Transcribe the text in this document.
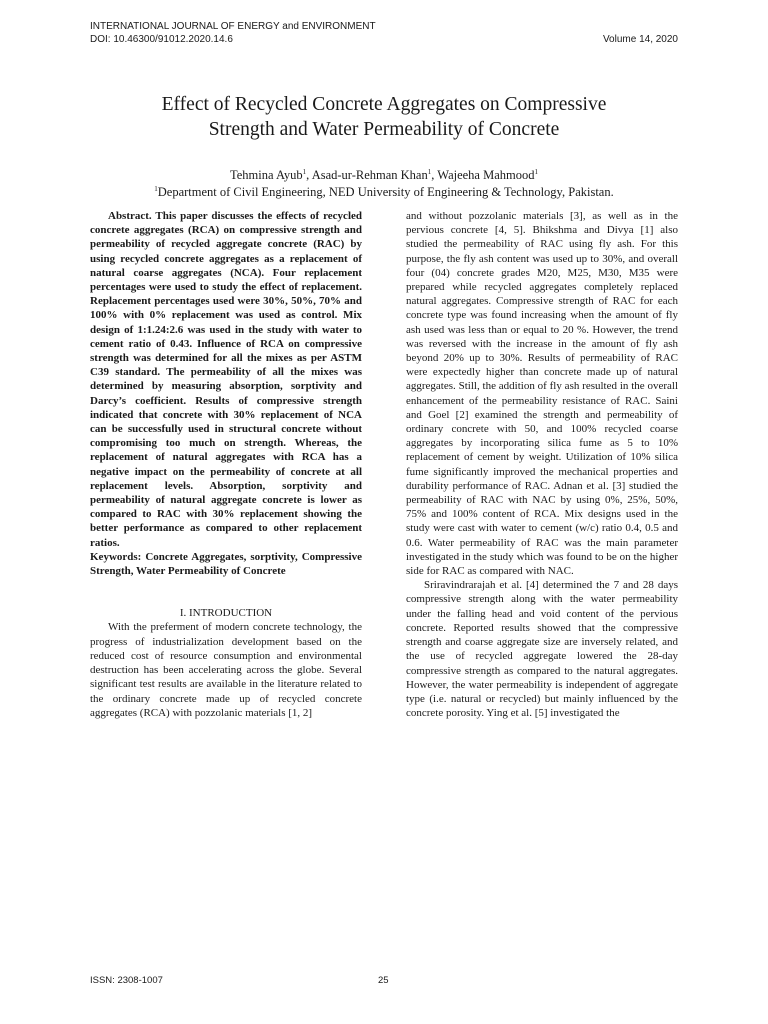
INTERNATIONAL JOURNAL OF ENERGY and ENVIRONMENT
DOI: 10.46300/91012.2020.14.6	Volume 14, 2020
Effect of Recycled Concrete Aggregates on Compressive
Strength and Water Permeability of Concrete
Tehmina Ayub$^1$, Asad-ur-Rehman Khan$^1$, Wajeeha Mahmood$^1$
$^1$Department of Civil Engineering, NED University of Engineering & Technology, Pakistan.

Abstract. This paper discusses the effects of recycled concrete aggregates (RCA) on compressive strength and permeability of recycled aggregate concrete (RAC) by using recycled concrete aggregates as a replacement of natural coarse aggregates (NCA). Four replacement percentages were used to study the effect of replacement. Replacement percentages used were 30%, 50%, 70% and 100% with 0% replacement was used as control. Mix design of 1:1.24:2.6 was used in the study with water to cement ratio of 0.43. Influence of RCA on compressive strength was determined for all the mixes as per ASTM C39 standard. The permeability of all the mixes was determined by measuring absorption, sorptivity and Darcy’s coefficient. Results of compressive strength indicated that concrete with 30% replacement of NCA can be successfully used in structural concrete without compromising too much on strength. Whereas, the replacement of natural aggregates with RCA has a negative impact on the permeability of concrete at all replacement levels. Absorption, sorptivity and permeability of natural aggregate concrete is lower as compared to RAC with 30% replacement showing the better performance as compared to other replacement ratios.

Keywords: Concrete Aggregates, sorptivity, Compressive Strength, Water Permeability of Concrete

I. INTRODUCTION

With the preferment of modern concrete technology, the progress of industrialization development based on the reduced cost of resource consumption and environmental destruction has been accelerating across the globe. Several significant test results are available in the literature related to the ordinary concrete made up of recycled concrete aggregates (RCA) with pozzolanic materials [1, 2]

and without pozzolanic materials [3], as well as in the pervious concrete [4, 5]. Bhikshma and Divya [1] also studied the permeability of RAC using fly ash. For this purpose, the fly ash content was used up to 30%, and overall four (04) concrete grades M20, M25, M30, M35 were prepared while recycled aggregates completely replaced natural aggregates. Compressive strength of RAC for each concrete type was found increasing when the amount of fly ash used was less than or equal to 20 %. However, the trend was reversed with the increase in the amount of fly ash beyond 20% up to 30%. Results of permeability of RAC were expectedly higher than concrete made up of natural aggregates. Still, the addition of fly ash resulted in the overall enhancement of the permeability resistance of RAC. Saini and Goel [2] examined the strength and permeability of ordinary concrete with 50, and 100% recycled coarse aggregates by incorporating silica fume as 5 to 10% replacement of cement by weight. Utilization of 10% silica fume significantly improved the mechanical properties and durability performance of RAC. Adnan et al. [3] studied the permeability of RAC with NAC by using 0%, 25%, 50%, 75% and 100% content of RCA. Mix designs used in the study were cast with water to cement (w/c) ratio 0.4, 0.5 and 0.6. Water permeability of RAC was the main parameter investigated in the study which was found to be on the higher side for RAC as compared with NAC.

Sriravindrarajah et al. [4] determined the 7 and 28 days compressive strength along with the water permeability under the falling head and void content of the pervious concrete. Reported results showed that the compressive strength and coarse aggregate size are inversely related, and the use of recycled aggregate lowered the 28-day compressive strength as compared to the natural aggregates. However, the water permeability is independent of aggregate type (i.e. natural or recycled) but mainly influenced by the concrete porosity. Ying et al. [5] investigated the

ISSN: 2308-1007	25
